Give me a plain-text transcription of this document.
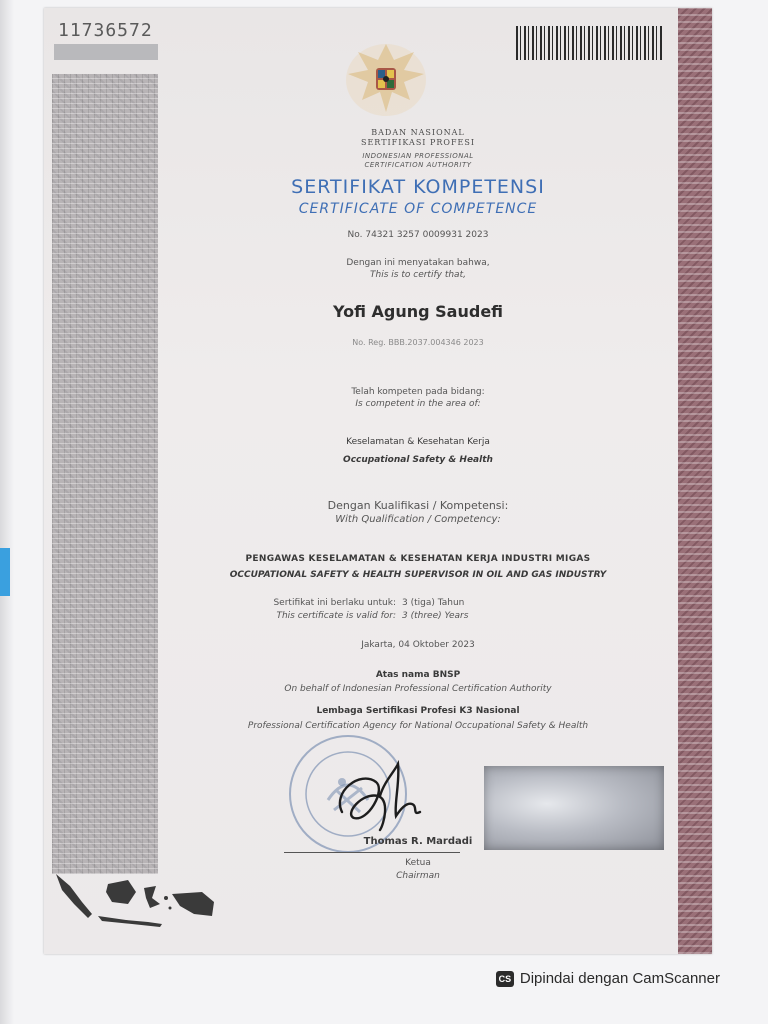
11736572
BADAN NASIONAL
SERTIFIKASI PROFESI
INDONESIAN PROFESSIONAL
CERTIFICATION AUTHORITY
SERTIFIKAT KOMPETENSI
CERTIFICATE OF COMPETENCE
No. 74321 3257 0009931 2023
Dengan ini menyatakan bahwa,
This is to certify that,
Yofi Agung Saudefi
No. Reg. BBB.2037.004346 2023
Telah kompeten pada bidang:
Is competent in the area of:
Keselamatan & Kesehatan Kerja
Occupational Safety & Health
Dengan Kualifikasi / Kompetensi:
With Qualification / Competency:
PENGAWAS KESELAMATAN & KESEHATAN KERJA INDUSTRI MIGAS
OCCUPATIONAL SAFETY & HEALTH SUPERVISOR IN OIL AND GAS INDUSTRY
Sertifikat ini berlaku untuk: 3 (tiga) Tahun
This certificate is valid for: 3 (three) Years
Jakarta, 04 Oktober 2023
Atas nama BNSP
On behalf of Indonesian Professional Certification Authority
Lembaga Sertifikasi Profesi K3 Nasional
Professional Certification Agency for National Occupational Safety & Health
Thomas R. Mardadi
Ketua
Chairman
CS Dipindai dengan CamScanner
